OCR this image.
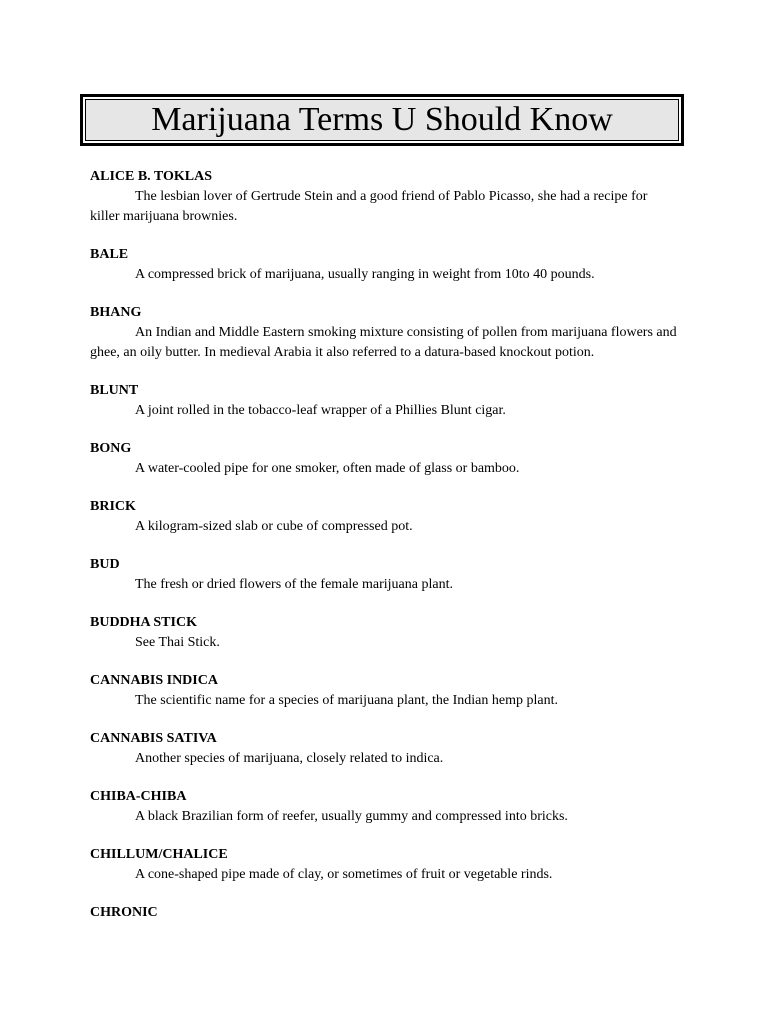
Marijuana Terms U Should Know
ALICE B. TOKLAS
The lesbian lover of Gertrude Stein and a good friend of Pablo Picasso, she had a recipe for killer marijuana brownies.
BALE
A compressed brick of marijuana, usually ranging in weight from 10to 40 pounds.
BHANG
An Indian and Middle Eastern smoking mixture consisting of pollen from marijuana flowers and ghee, an oily butter. In medieval Arabia it also referred to a datura-based knockout potion.
BLUNT
A joint rolled in the tobacco-leaf wrapper of a Phillies Blunt cigar.
BONG
A water-cooled pipe for one smoker, often made of glass or bamboo.
BRICK
A kilogram-sized slab or cube of compressed pot.
BUD
The fresh or dried flowers of the female marijuana plant.
BUDDHA STICK
See Thai Stick.
CANNABIS INDICA
The scientific name for a species of marijuana plant, the Indian hemp plant.
CANNABIS SATIVA
Another species of marijuana, closely related to indica.
CHIBA-CHIBA
A black Brazilian form of reefer, usually gummy and compressed into bricks.
CHILLUM/CHALICE
A cone-shaped pipe made of clay, or sometimes of fruit or vegetable rinds.
CHRONIC
